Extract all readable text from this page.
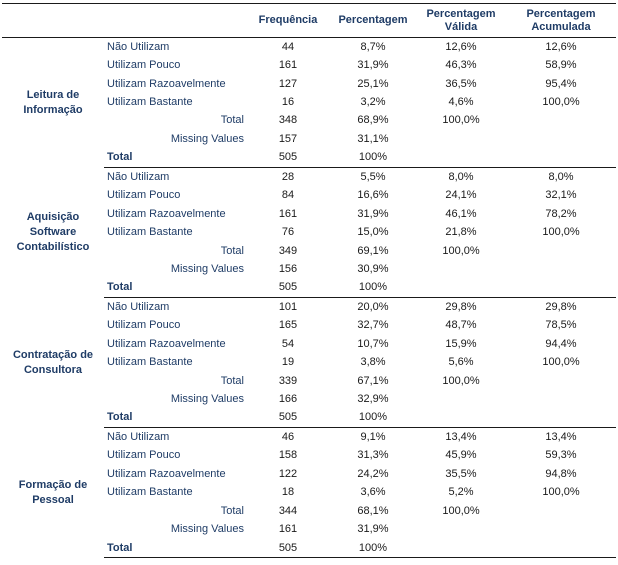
		Frequência	Percentagem	Percentagem Válida	Percentagem Acumulada
Leitura de Informação	Não Utilizam	44	8,7%	12,6%	12,6%
	Utilizam Pouco	161	31,9%	46,3%	58,9%
	Utilizam Razoavelmente	127	25,1%	36,5%	95,4%
	Utilizam Bastante	16	3,2%	4,6%	100,0%
	Total	348	68,9%	100,0%	
	Missing Values	157	31,1%		
	Total	505	100%		
Aquisição Software Contabilístico	Não Utilizam	28	5,5%	8,0%	8,0%
	Utilizam Pouco	84	16,6%	24,1%	32,1%
	Utilizam Razoavelmente	161	31,9%	46,1%	78,2%
	Utilizam Bastante	76	15,0%	21,8%	100,0%
	Total	349	69,1%	100,0%	
	Missing Values	156	30,9%		
	Total	505	100%		
Contratação de Consultora	Não Utilizam	101	20,0%	29,8%	29,8%
	Utilizam Pouco	165	32,7%	48,7%	78,5%
	Utilizam Razoavelmente	54	10,7%	15,9%	94,4%
	Utilizam Bastante	19	3,8%	5,6%	100,0%
	Total	339	67,1%	100,0%	
	Missing Values	166	32,9%		
	Total	505	100%		
Formação de Pessoal	Não Utilizam	46	9,1%	13,4%	13,4%
	Utilizam Pouco	158	31,3%	45,9%	59,3%
	Utilizam Razoavelmente	122	24,2%	35,5%	94,8%
	Utilizam Bastante	18	3,6%	5,2%	100,0%
	Total	344	68,1%	100,0%	
	Missing Values	161	31,9%		
	Total	505	100%		
